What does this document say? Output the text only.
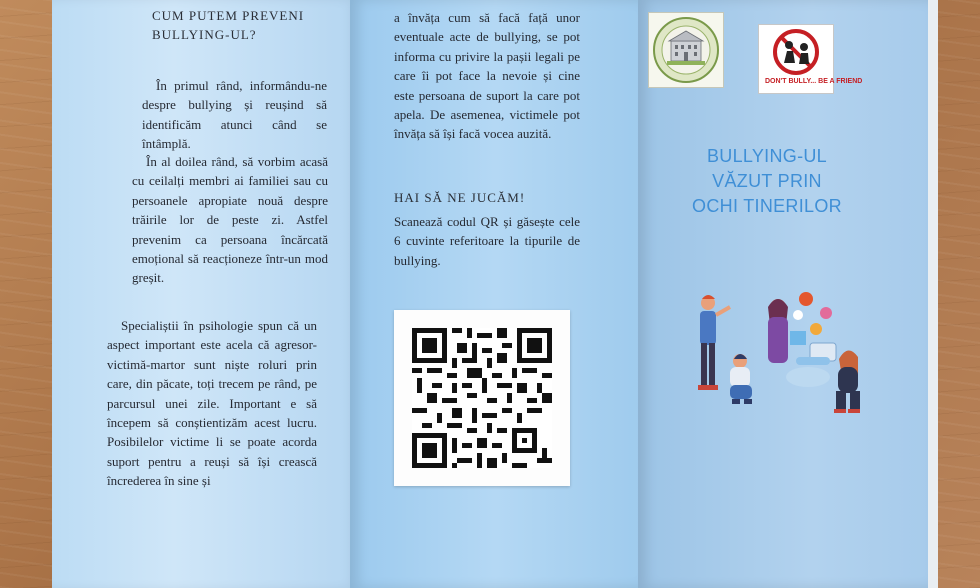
CUM PUTEM PREVENI BULLYING-UL?
În primul rând, informându-ne despre bullying și reușind să identificăm atunci când se întâmplă.
În al doilea rând, să vorbim acasă cu ceilalți membri ai familiei sau cu persoanele apropiate nouă despre trăirile lor de peste zi. Astfel prevenim ca persoana încărcată emoțional să reacționeze într-un mod greșit.
Specialiștii în psihologie spun că un aspect important este acela că agresor-victimă-martor sunt niște roluri prin care, din păcate, toți trecem pe rând, pe parcursul unei zile. Important e să începem să conștientizăm acest lucru. Posibilelor victime li se poate acorda suport pentru a reuși să își crească încrederea în sine și
a învăța cum să facă față unor eventuale acte de bullying, se pot informa cu privire la pașii legali pe care îi pot face la nevoie și cine este persoana de suport la care pot apela. De asemenea, victimele pot învăța să își facă vocea auzită.
HAI SĂ NE JUCĂM!
Scanează codul QR și găsește cele 6 cuvinte referitoare la tipurile de bullying.
DON'T BULLY... BE A FRIEND
BULLYING-UL
VĂZUT PRIN
OCHI TINERILOR
